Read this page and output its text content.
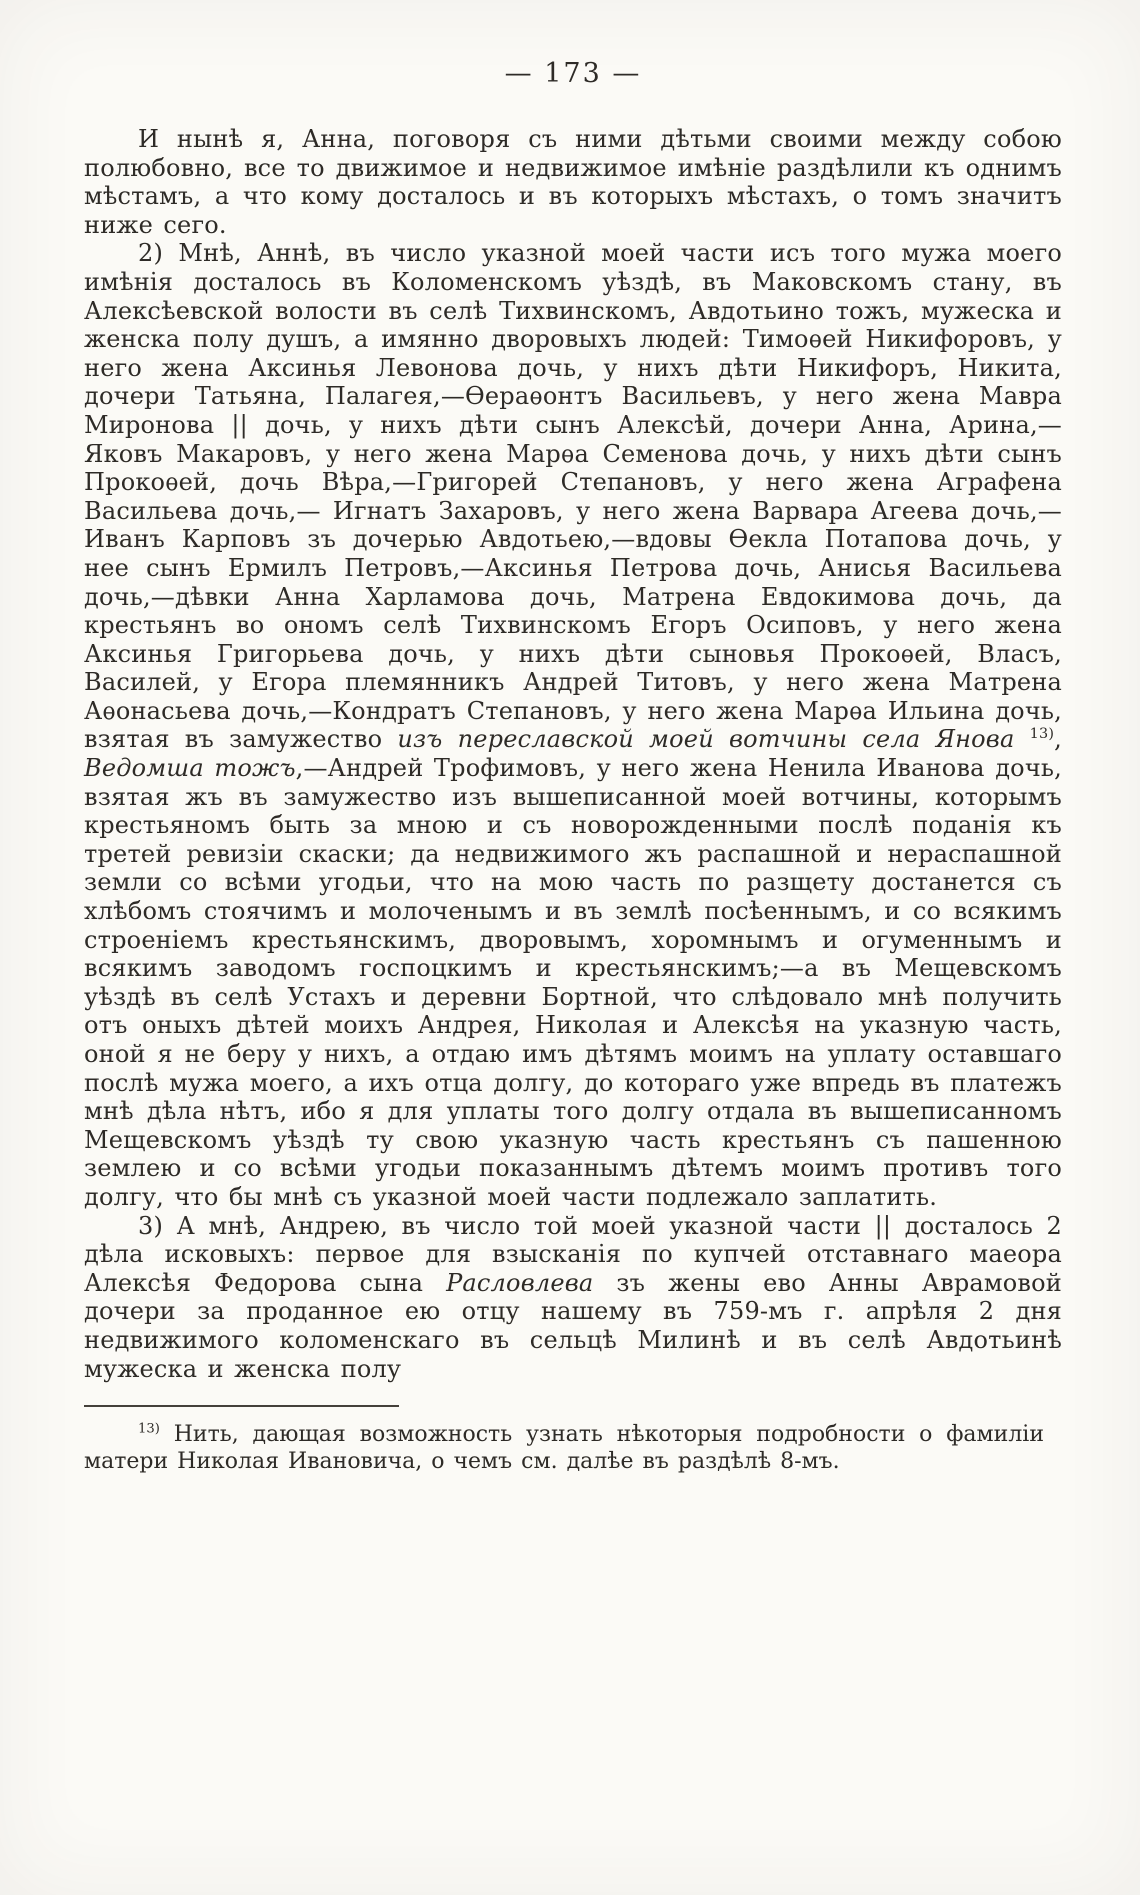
— 173 —

И нынѣ я, Анна, поговоря съ ними дѣтьми своими между собою полюбовно, все то движимое и недвижимое имѣніе раздѣлили къ однимъ мѣстамъ, а что кому досталось и въ которыхъ мѣстахъ, о томъ значитъ ниже сего.

2) Мнѣ, Аннѣ, въ число указной моей части исъ того мужа моего имѣнія досталось въ Коломенскомъ уѣздѣ, въ Маковскомъ стану, въ Алексѣевской волости въ селѣ Тихвинскомъ, Авдотьино тожъ, мужеска и женска полу душъ, а имянно дворовыхъ людей: Тимоѳей Никифоровъ, у него жена Аксинья Левонова дочь, у нихъ дѣти Никифоръ, Никита, дочери Татьяна, Палагея,—Ѳераѳонтъ Васильевъ, у него жена Мавра Миронова || дочь, у нихъ дѣти сынъ Алексѣй, дочери Анна, Арина,—Яковъ Макаровъ, у него жена Марѳа Семенова дочь, у нихъ дѣти сынъ Прокоѳей, дочь Вѣра,—Григорей Степановъ, у него жена Аграфена Васильева дочь,— Игнатъ Захаровъ, у него жена Варвара Агеева дочь,—Иванъ Карповъ зъ дочерью Авдотьею,—вдовы Ѳекла Потапова дочь, у нее сынъ Ермилъ Петровъ,—Аксинья Петрова дочь, Анисья Васильева дочь,—дѣвки Анна Харламова дочь, Матрена Евдокимова дочь, да крестьянъ во ономъ селѣ Тихвинскомъ Егоръ Осиповъ, у него жена Аксинья Григорьева дочь, у нихъ дѣти сыновья Прокоѳей, Власъ, Василей, у Егора племянникъ Андрей Титовъ, у него жена Матрена Аѳонасьева дочь,—Кондратъ Степановъ, у него жена Марѳа Ильина дочь, взятая въ замужество изъ переславской моей вотчины села Янова $^{13)}$, Ведомша тожъ,—Андрей Трофимовъ, у него жена Ненила Иванова дочь, взятая жъ въ замужество изъ вышеписанной моей вотчины, которымъ крестьяномъ быть за мною и съ новорожденными послѣ поданія къ третей ревизіи скаски; да недвижимого жъ распашной и нераспашной земли со всѣми угодьи, что на мою часть по разщету достанется съ хлѣбомъ стоячимъ и молоченымъ и въ землѣ посѣеннымъ, и со всякимъ строеніемъ крестьянскимъ, дворовымъ, хоромнымъ и огуменнымъ и всякимъ заводомъ госпоцкимъ и крестьянскимъ;—а въ Мещевскомъ уѣздѣ въ селѣ Устахъ и деревни Бортной, что слѣдовало мнѣ получить отъ оныхъ дѣтей моихъ Андрея, Николая и Алексѣя на указную часть, оной я не беру у нихъ, а отдаю имъ дѣтямъ моимъ на уплату оставшаго послѣ мужа моего, а ихъ отца долгу, до котораго уже впредь въ платежъ мнѣ дѣла нѣтъ, ибо я для уплаты того долгу отдала въ вышеписанномъ Мещевскомъ уѣздѣ ту свою указную часть крестьянъ съ пашенною землею и со всѣми угодьи показаннымъ дѣтемъ моимъ противъ того долгу, что бы мнѣ съ указной моей части подлежало заплатить.

3) А мнѣ, Андрею, въ число той моей указной части || досталось 2 дѣла исковыхъ: первое для взысканія по купчей отставнаго маеора Алексѣя Федорова сына Расловлева зъ жены ево Анны Аврамовой дочери за проданное ею отцу нашему въ 759-мъ г. апрѣля 2 дня недвижимого коломенскаго въ сельцѣ Милинѣ и въ селѣ Авдотьинѣ мужеска и женска полу

$^{13)}$ Нить, дающая возможность узнать нѣкоторыя подробности о фамиліи матери Николая Ивановича, о чемъ см. далѣе въ раздѣлѣ 8-мъ.
